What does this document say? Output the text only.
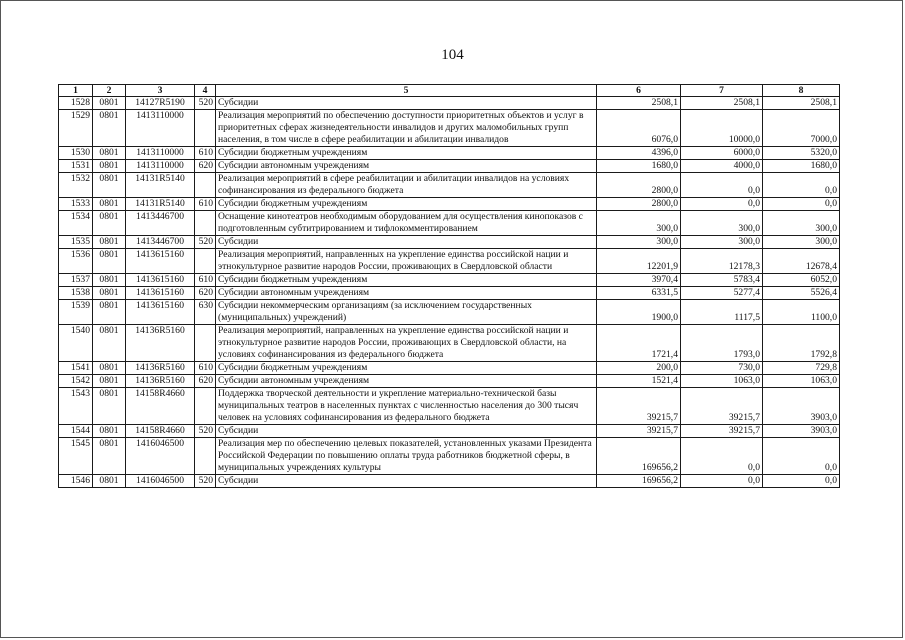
104
1	2	3	4	5	6	7	8
1528	0801	14127R5190	520	Субсидии	2508,1	2508,1	2508,1
1529	0801	1413110000		Реализация мероприятий по обеспечению доступности приоритетных объектов и услуг в приоритетных сферах жизнедеятельности инвалидов и других маломобильных групп населения, в том числе в сфере реабилитации и абилитации инвалидов	6076,0	10000,0	7000,0
1530	0801	1413110000	610	Субсидии бюджетным учреждениям	4396,0	6000,0	5320,0
1531	0801	1413110000	620	Субсидии автономным учреждениям	1680,0	4000,0	1680,0
1532	0801	14131R5140		Реализация мероприятий в сфере реабилитации и абилитации инвалидов на условиях софинансирования из федерального бюджета	2800,0	0,0	0,0
1533	0801	14131R5140	610	Субсидии бюджетным учреждениям	2800,0	0,0	0,0
1534	0801	1413446700		Оснащение кинотеатров необходимым оборудованием для осуществления кинопоказов с подготовленным субтитрированием и тифлокомментированием	300,0	300,0	300,0
1535	0801	1413446700	520	Субсидии	300,0	300,0	300,0
1536	0801	1413615160		Реализация мероприятий, направленных на укрепление единства российской нации и этнокультурное развитие народов России, проживающих в Свердловской области	12201,9	12178,3	12678,4
1537	0801	1413615160	610	Субсидии бюджетным учреждениям	3970,4	5783,4	6052,0
1538	0801	1413615160	620	Субсидии автономным учреждениям	6331,5	5277,4	5526,4
1539	0801	1413615160	630	Субсидии некоммерческим организациям (за исключением государственных (муниципальных) учреждений)	1900,0	1117,5	1100,0
1540	0801	14136R5160		Реализация мероприятий, направленных на укрепление единства российской нации и этнокультурное развитие народов России, проживающих в Свердловской области, на условиях софинансирования из федерального бюджета	1721,4	1793,0	1792,8
1541	0801	14136R5160	610	Субсидии бюджетным учреждениям	200,0	730,0	729,8
1542	0801	14136R5160	620	Субсидии автономным учреждениям	1521,4	1063,0	1063,0
1543	0801	14158R4660		Поддержка творческой деятельности и укрепление материально-технической базы муниципальных театров в населенных пунктах с численностью населения до 300 тысяч человек на условиях софинансирования из федерального бюджета	39215,7	39215,7	3903,0
1544	0801	14158R4660	520	Субсидии	39215,7	39215,7	3903,0
1545	0801	1416046500		Реализация мер по обеспечению целевых показателей, установленных указами Президента Российской Федерации по повышению оплаты труда работников бюджетной сферы, в муниципальных учреждениях культуры	169656,2	0,0	0,0
1546	0801	1416046500	520	Субсидии	169656,2	0,0	0,0
